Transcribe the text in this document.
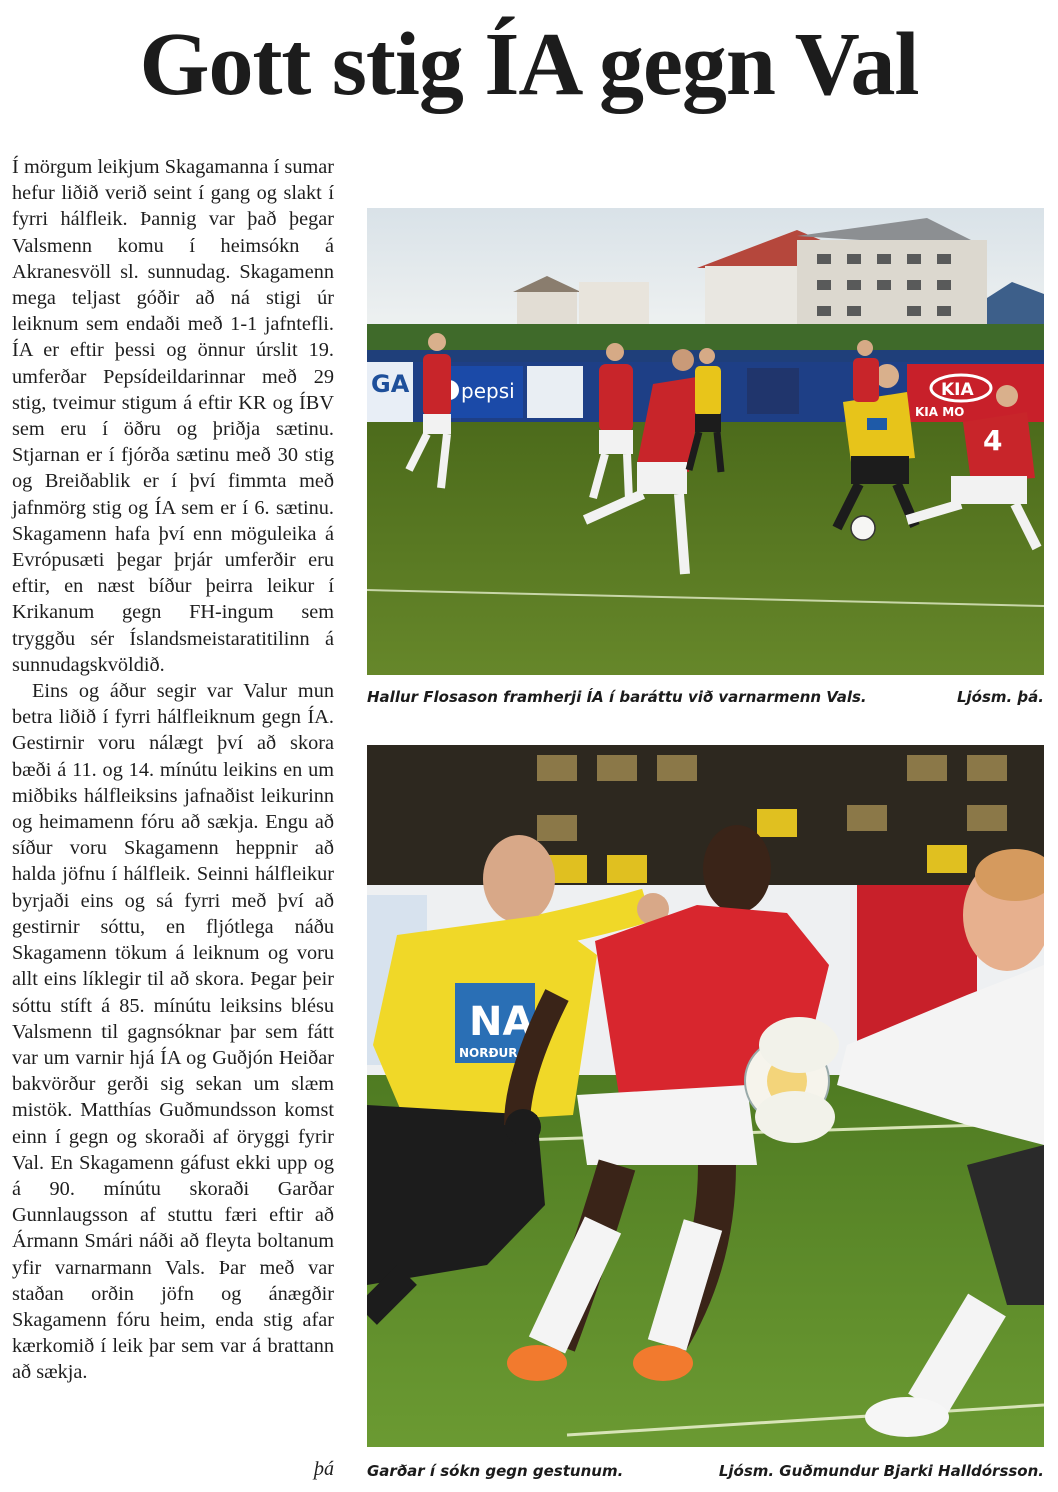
Gott stig ÍA gegn Val

Í mörgum leikjum Skagamanna í sumar hefur liðið verið seint í gang og slakt í fyrri hálfleik. Þannig var það þegar Valsmenn komu í heimsókn á Akranesvöll sl. sunnudag. Skagamenn mega teljast góðir að ná stigi úr leiknum sem endaði með 1-1 jafntefli. ÍA er eftir þessi og önnur úrslit 19. umferðar Pepsídeildarinnar með 29 stig, tveimur stigum á eftir KR og ÍBV sem eru í öðru og þriðja sætinu. Stjarnan er í fjórða sætinu með 30 stig og Breiðablik er í því fimmta með jafnmörg stig og ÍA sem er í 6. sætinu. Skagamenn hafa því enn möguleika á Evrópusæti þegar þrjár umferðir eru eftir, en næst bíður þeirra leikur í Krikanum gegn FH-ingum sem tryggðu sér Íslandsmeistaratitilinn á sunnudagskvöldið.

Eins og áður segir var Valur mun betra liðið í fyrri hálfleiknum gegn ÍA. Gestirnir voru nálægt því að skora bæði á 11. og 14. mínútu leikins en um miðbiks hálfleiksins jafnaðist leikurinn og heimamenn fóru að sækja. Engu að síður voru Skagamenn heppnir að halda jöfnu í hálfleik. Seinni hálfleikur byrjaði eins og sá fyrri með því að gestirnir sóttu, en fljótlega náðu Skagamenn tökum á leiknum og voru allt eins líklegir til að skora. Þegar þeir sóttu stíft á 85. mínútu leiksins blésu Valsmenn til gagnsóknar þar sem fátt var um varnir hjá ÍA og Guðjón Heiðar bakvörður gerði sig sekan um slæm mistök. Matthías Guðmundsson komst einn í gegn og skoraði af öryggi fyrir Val. En Skagamenn gáfust ekki upp og á 90. mínútu skoraði Garðar Gunnlaugsson af stuttu færi eftir að Ármann Smári náði að fleyta boltanum yfir varnarmann Vals. Þar með var staðan orðin jöfn og ánægðir Skagamenn fóru heim, enda stig afar kærkomið í leik þar sem var á brattann að sækja.

þá
GA	pepsi	KIA
KIA MO
4
Hallur Flosason framherji ÍA í baráttu við varnarmenn Vals.	Ljósm. þá.
NA
NORÐURÁL
Garðar í sókn gegn gestunum.	Ljósm. Guðmundur Bjarki Halldórsson.
